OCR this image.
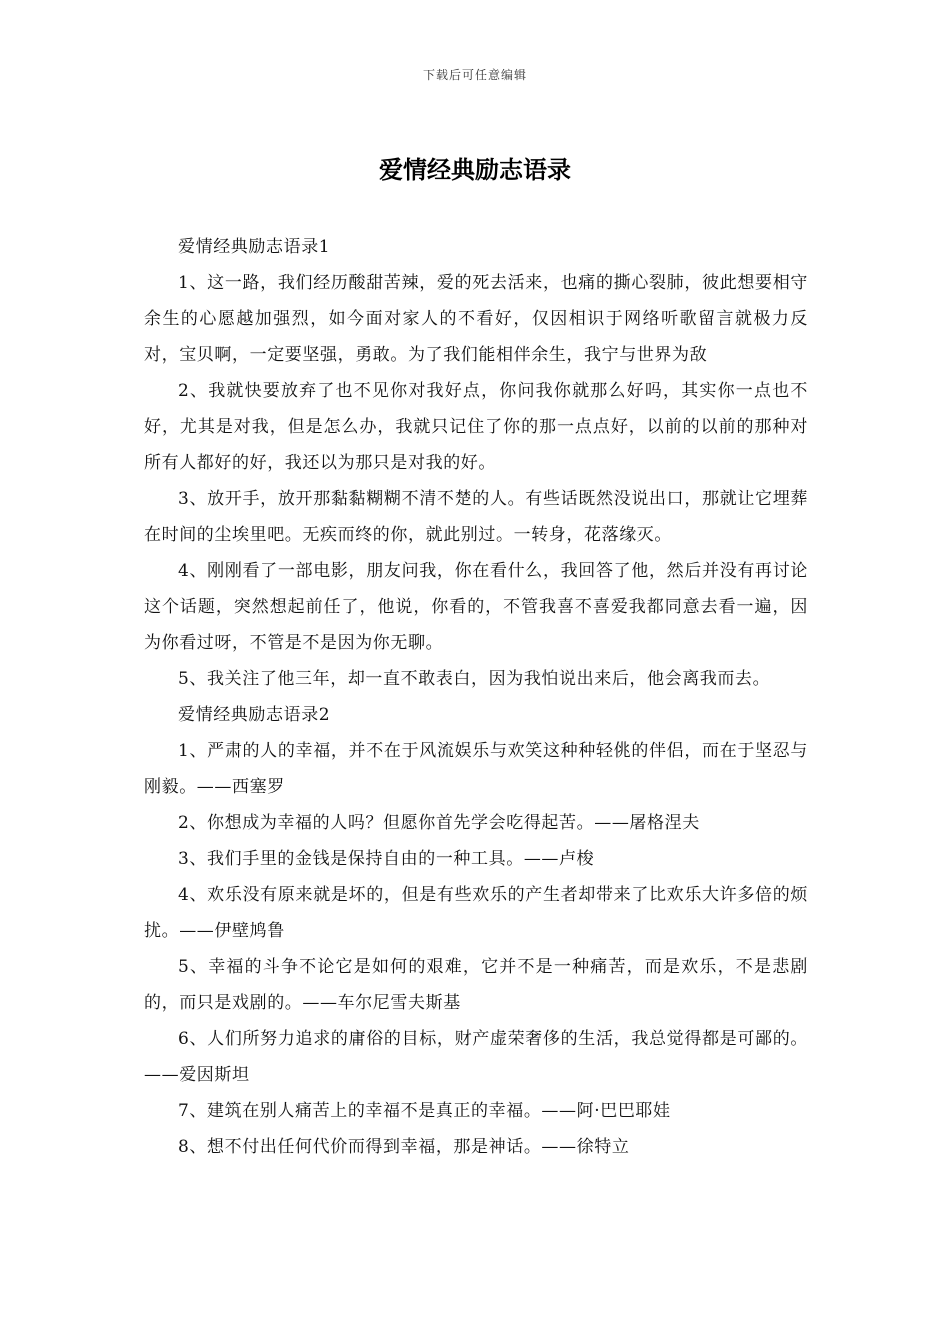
下载后可任意编辑
爱情经典励志语录

爱情经典励志语录1

1、这一路，我们经历酸甜苦辣，爱的死去活来，也痛的撕心裂肺，彼此想要相守余生的心愿越加强烈，如今面对家人的不看好，仅因相识于网络听歌留言就极力反对，宝贝啊，一定要坚强，勇敢。为了我们能相伴余生，我宁与世界为敌

2、我就快要放弃了也不见你对我好点，你问我你就那么好吗，其实你一点也不好，尤其是对我，但是怎么办，我就只记住了你的那一点点好，以前的以前的那种对所有人都好的好，我还以为那只是对我的好。

3、放开手，放开那黏黏糊糊不清不楚的人。有些话既然没说出口，那就让它埋葬在时间的尘埃里吧。无疾而终的你，就此别过。一转身，花落缘灭。

4、刚刚看了一部电影，朋友问我，你在看什么，我回答了他，然后并没有再讨论这个话题，突然想起前任了，他说，你看的，不管我喜不喜爱我都同意去看一遍，因为你看过呀，不管是不是因为你无聊。

5、我关注了他三年，却一直不敢表白，因为我怕说出来后，他会离我而去。

爱情经典励志语录2

1、严肃的人的幸福，并不在于风流娱乐与欢笑这种种轻佻的伴侣，而在于坚忍与刚毅。——西塞罗

2、你想成为幸福的人吗？但愿你首先学会吃得起苦。——屠格涅夫

3、我们手里的金钱是保持自由的一种工具。——卢梭

4、欢乐没有原来就是坏的，但是有些欢乐的产生者却带来了比欢乐大许多倍的烦扰。——伊壁鸠鲁

5、幸福的斗争不论它是如何的艰难，它并不是一种痛苦，而是欢乐，不是悲剧的，而只是戏剧的。——车尔尼雪夫斯基

6、人们所努力追求的庸俗的目标，财产虚荣奢侈的生活，我总觉得都是可鄙的。——爱因斯坦

7、建筑在别人痛苦上的幸福不是真正的幸福。——阿·巴巴耶娃

8、想不付出任何代价而得到幸福，那是神话。——徐特立
